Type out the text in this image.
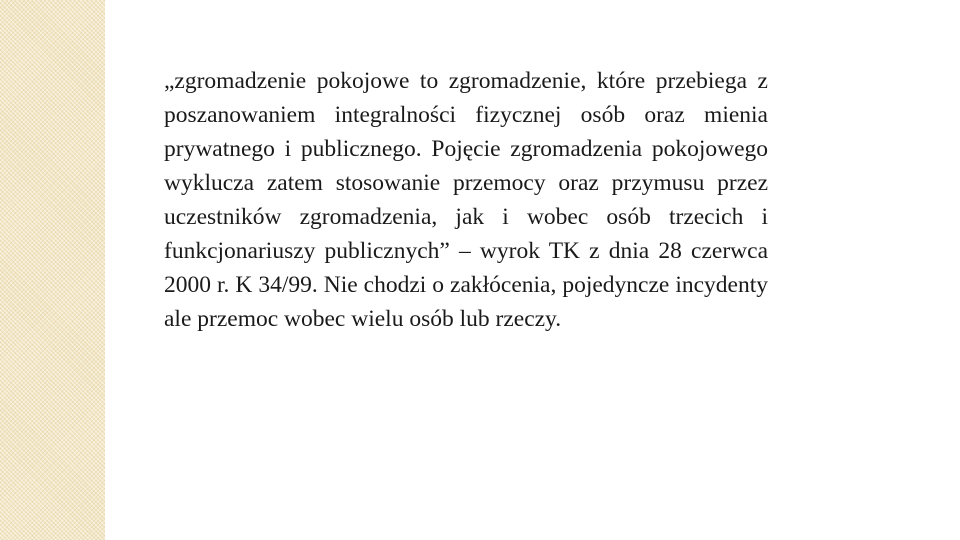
„zgromadzenie pokojowe to zgromadzenie, które przebiega z poszanowaniem integralności fizycznej osób oraz mienia prywatnego i publicznego. Pojęcie zgromadzenia pokojowego wyklucza zatem stosowanie przemocy oraz przymusu przez uczestników zgromadzenia, jak i wobec osób trzecich i funkcjonariuszy publicznych” – wyrok TK z dnia 28 czerwca 2000 r. K 34/99. Nie chodzi o zakłócenia, pojedyncze incydenty ale przemoc wobec wielu osób lub rzeczy.
